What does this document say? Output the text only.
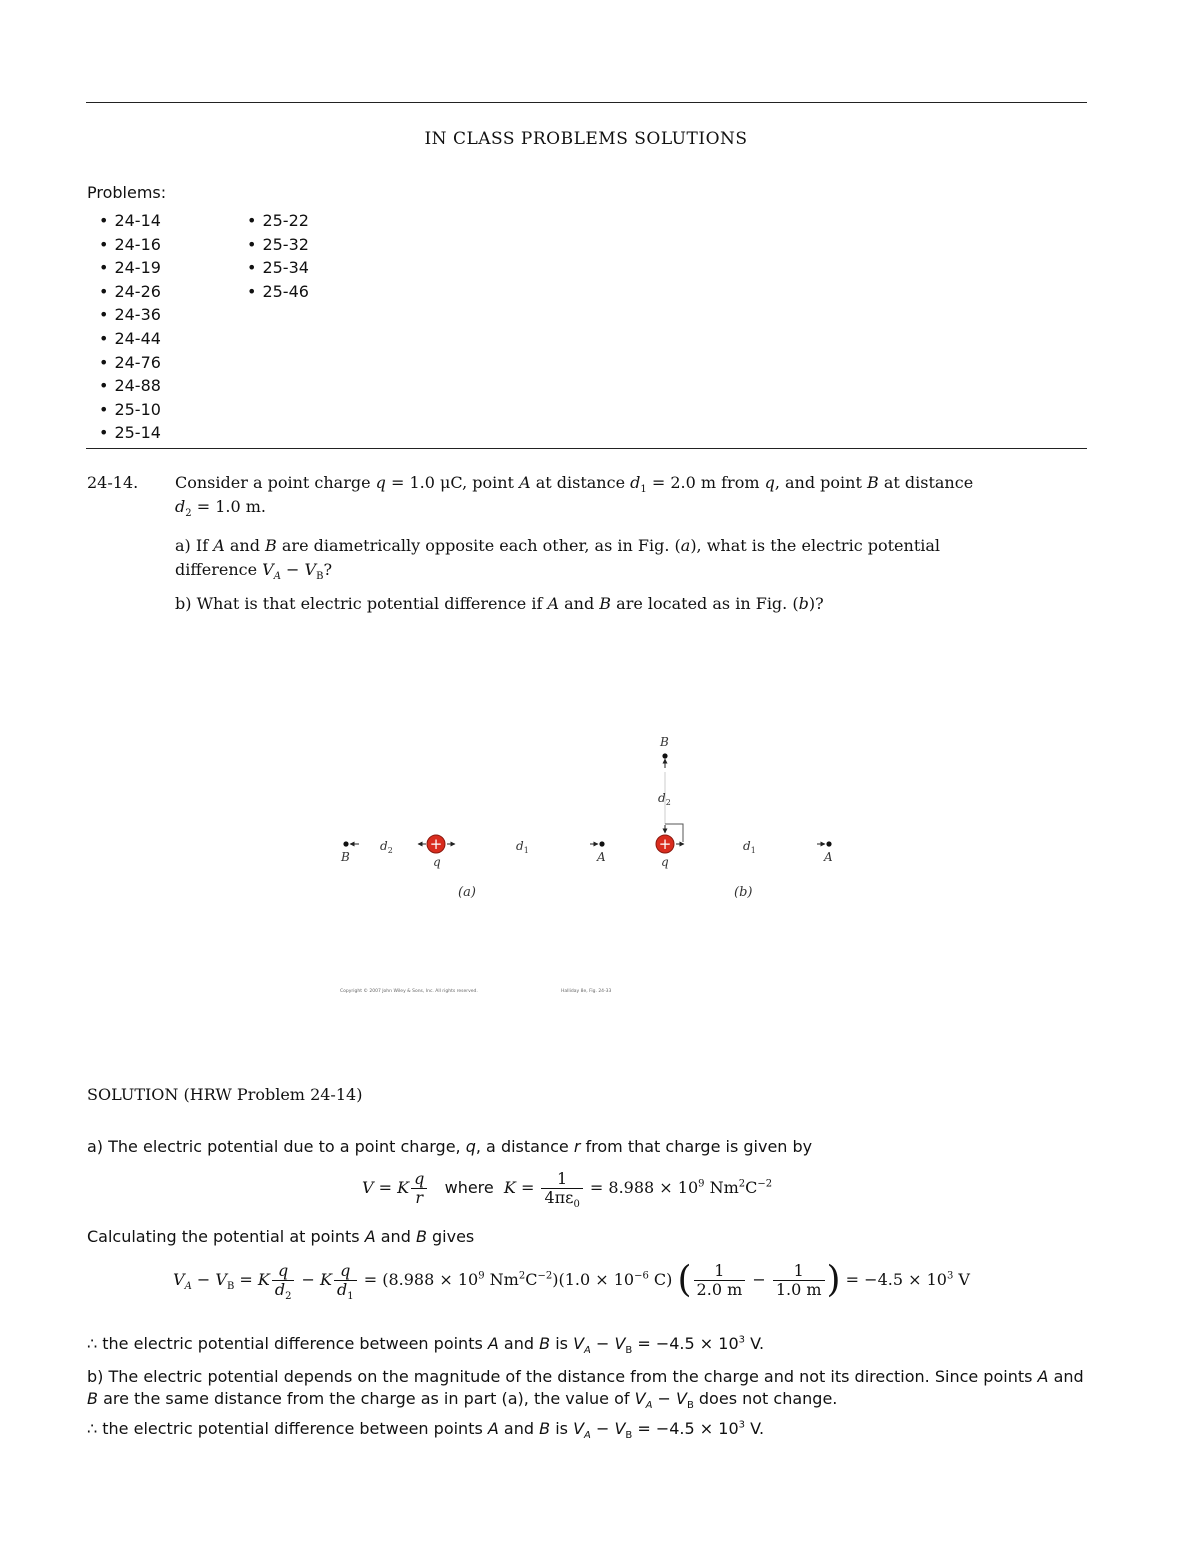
IN CLASS PROBLEMS SOLUTIONS
Problems:
• 24-14
• 24-16
• 24-19
• 24-26
• 24-36
• 24-44
• 24-76
• 24-88
• 25-10
• 25-14
• 25-22
• 25-32
• 25-34
• 25-46
24-14. Consider a point charge q = 1.0 μC, point A at distance $d_1 = 2.0$ m from q, and point B at distance
$d_2 = 1.0$ m.
a) If A and B are diametrically opposite each other, as in Fig. (a), what is the electric potential
difference $V_A - V_B$?
b) What is that electric potential difference if A and B are located as in Fig. (b)?
B
$d_2$ +
q
$d_1$	A
(a)
B
$d_2$
+
q
$d_1$	A
(b)
Copyright © 2007 John Wiley & Sons, Inc. All rights reserved.	Halliday 8e, Fig. 24-33
SOLUTION (HRW Problem 24-14)
a) The electric potential due to a point charge, q, a distance r from that charge is given by
V = K $\frac{q}{r}$ where $K = \frac{1}{4\pi\varepsilon_0} = 8.988 \times 10^9$ $Nm^2C^{-2}$
Calculating the potential at points A and B gives
$V_A - V_B = K \frac{q}{d_2} - K \frac{q}{d_1} = (8.988 \times 10^9$ $Nm^2C^{-2})(1.0 \times 10^{-6}$ C) ( $\frac{1}{2.0 m} - \frac{1}{1.0 m}$ ) = $-4.5 \times 10^3$ V
∴ the electric potential difference between points A and B is $V_A - V_B = -4.5 \times 10^3$ V.
b) The electric potential depends on the magnitude of the distance from the charge and not its direction. Since points A and
B are the same distance from the charge as in part (a), the value of $V_A - V_B$ does not change.
∴ the electric potential difference between points A and B is $V_A - V_B = -4.5 \times 10^3$ V.
